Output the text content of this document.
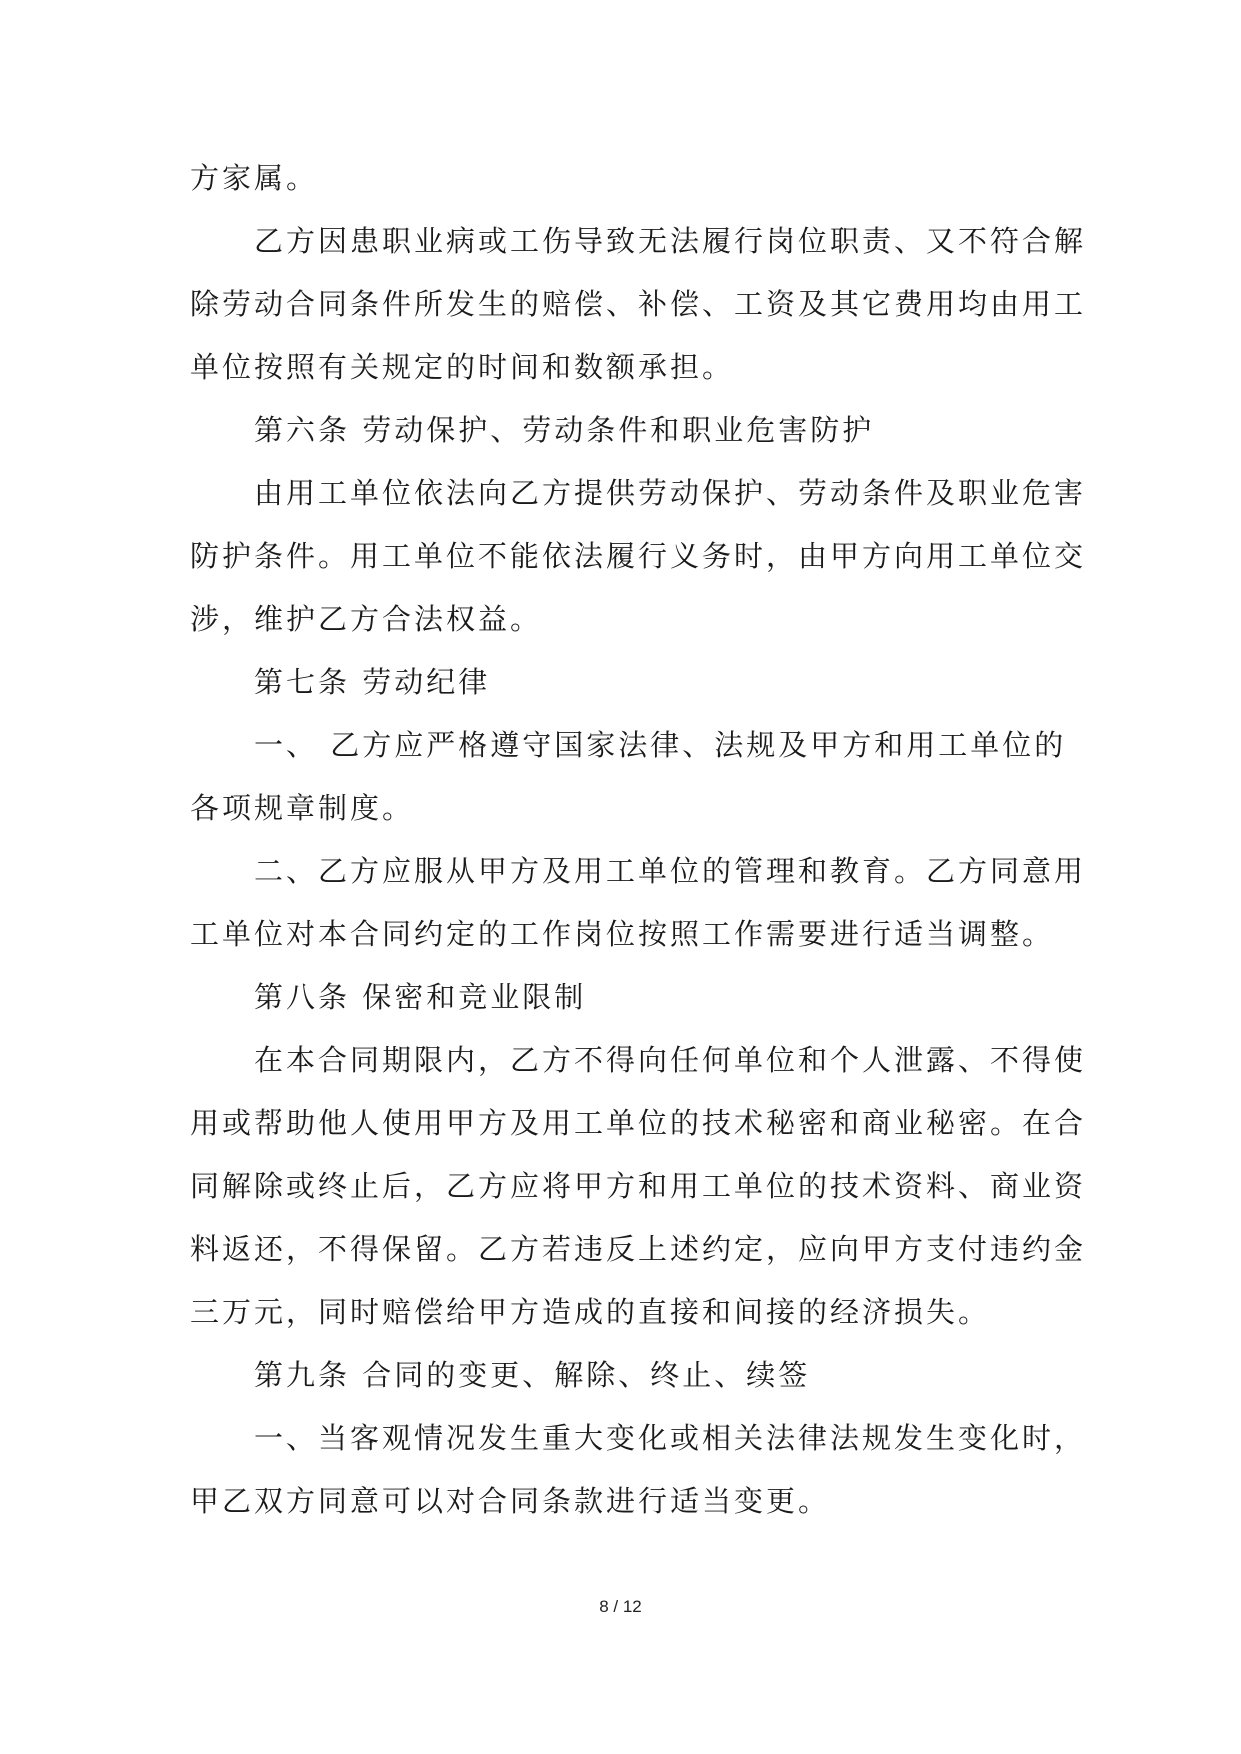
方家属。
乙方因患职业病或工伤导致无法履行岗位职责、又不符合解
除劳动合同条件所发生的赔偿、补偿、工资及其它费用均由用工
单位按照有关规定的时间和数额承担。
第六条 劳动保护、劳动条件和职业危害防护
由用工单位依法向乙方提供劳动保护、劳动条件及职业危害
防护条件。用工单位不能依法履行义务时，由甲方向用工单位交
涉，维护乙方合法权益。
第七条 劳动纪律
一、 乙方应严格遵守国家法律、法规及甲方和用工单位的
各项规章制度。
二、乙方应服从甲方及用工单位的管理和教育。乙方同意用
工单位对本合同约定的工作岗位按照工作需要进行适当调整。
第八条 保密和竞业限制
在本合同期限内，乙方不得向任何单位和个人泄露、不得使
用或帮助他人使用甲方及用工单位的技术秘密和商业秘密。在合
同解除或终止后，乙方应将甲方和用工单位的技术资料、商业资
料返还，不得保留。乙方若违反上述约定，应向甲方支付违约金
三万元，同时赔偿给甲方造成的直接和间接的经济损失。
第九条 合同的变更、解除、终止、续签
一、当客观情况发生重大变化或相关法律法规发生变化时，
甲乙双方同意可以对合同条款进行适当变更。
8 / 12
